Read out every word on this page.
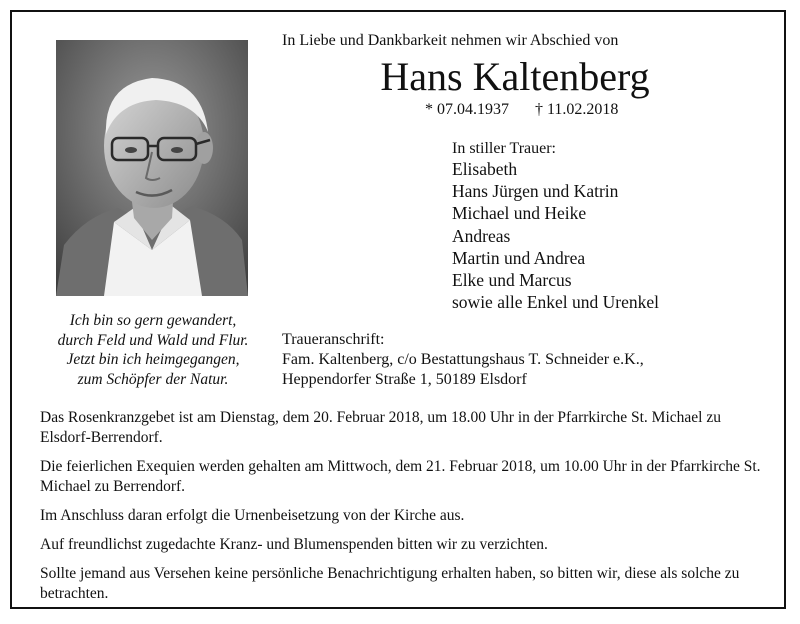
Ich bin so gern gewandert,
durch Feld und Wald und Flur.
Jetzt bin ich heimgegangen,
zum Schöpfer der Natur.
In Liebe und Dankbarkeit nehmen wir Abschied von
Hans Kaltenberg
* 07.04.1937 † 11.02.2018
In stiller Trauer:
Elisabeth
Hans Jürgen und Katrin
Michael und Heike
Andreas
Martin und Andrea
Elke und Marcus
sowie alle Enkel und Urenkel
Traueranschrift:
Fam. Kaltenberg, c/o Bestattungshaus T. Schneider e.K.,
Heppendorfer Straße 1, 50189 Elsdorf

Das Rosenkranzgebet ist am Dienstag, dem 20. Februar 2018, um 18.00 Uhr in der Pfarrkirche St. Michael zu Elsdorf-Berrendorf.

Die feierlichen Exequien werden gehalten am Mittwoch, dem 21. Februar 2018, um 10.00 Uhr in der Pfarrkirche St. Michael zu Berrendorf.

Im Anschluss daran erfolgt die Urnenbeisetzung von der Kirche aus.

Auf freundlichst zugedachte Kranz- und Blumenspenden bitten wir zu verzichten.

Sollte jemand aus Versehen keine persönliche Benachrichtigung erhalten haben, so bitten wir, diese als solche zu betrachten.
